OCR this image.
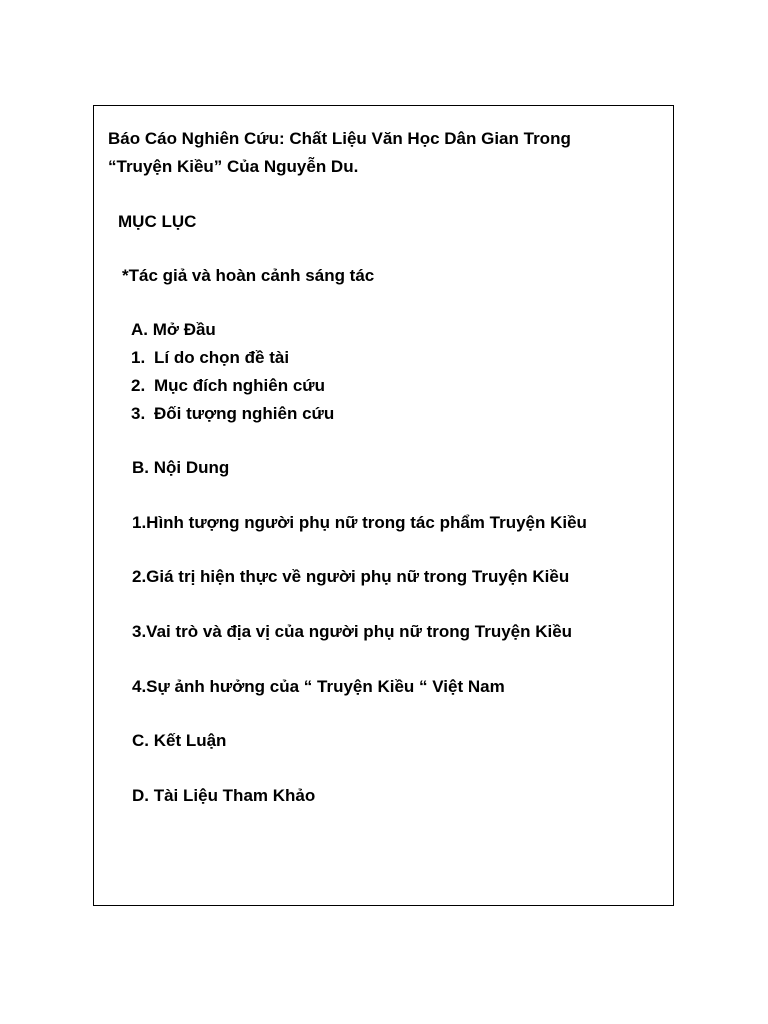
Báo Cáo Nghiên Cứu: Chất Liệu Văn Học Dân Gian Trong
“Truyện Kiều” Của Nguyễn Du.
MỤC LỤC
*Tác giả và hoàn cảnh sáng tác
A. Mở Đầu
1. Lí do chọn đề tài
2. Mục đích nghiên cứu
3. Đối tượng nghiên cứu
B. Nội Dung
1.Hình tượng người phụ nữ trong tác phẩm Truyện Kiều
2.Giá trị hiện thực về người phụ nữ trong Truyện Kiều
3.Vai trò và địa vị của người phụ nữ trong Truyện Kiều
4.Sự ảnh hưởng của “ Truyện Kiều “ Việt Nam
C. Kết Luận
D. Tài Liệu Tham Khảo
